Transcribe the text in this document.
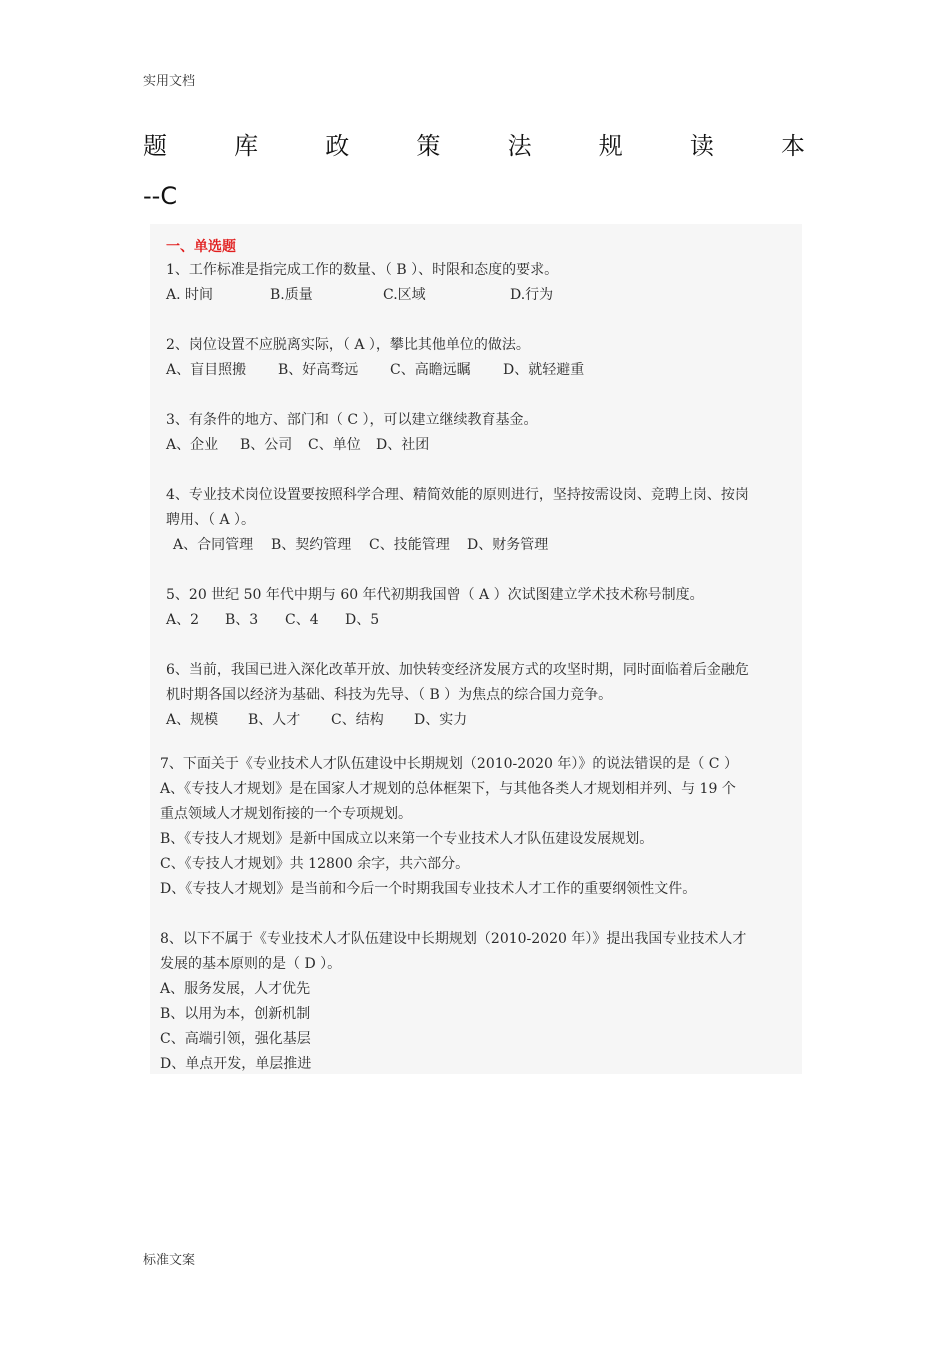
实用文档
题	库	政	策	法	规	读	本
--C
一、单选题

1、工作标准是指完成工作的数量、（ B ）、时限和态度的要求。

A. 时间	B.质量	C.区域	D.行为

2、岗位设置不应脱离实际，（ A ），攀比其他单位的做法。

A、盲目照搬	B、好高骛远	C、高瞻远瞩	D、就轻避重

3、有条件的地方、部门和（ C ），可以建立继续教育基金。

A、企业	B、公司	C、单位	D、社团

4、专业技术岗位设置要按照科学合理、精简效能的原则进行，坚持按需设岗、竞聘上岗、按岗

聘用、（ A ）。

A、合同管理	B、契约管理	C、技能管理	D、财务管理

5、20 世纪 50 年代中期与 60 年代初期我国曾（ A ）次试图建立学术技术称号制度。

A、2	B、3	C、4	D、5

6、当前，我国已进入深化改革开放、加快转变经济发展方式的攻坚时期，同时面临着后金融危

机时期各国以经济为基础、科技为先导、（ B ）为焦点的综合国力竞争。

A、规模	B、人才	C、结构	D、实力

7、下面关于《专业技术人才队伍建设中长期规划（2010-2020 年）》的说法错误的是（ C ）

A、《专技人才规划》是在国家人才规划的总体框架下，与其他各类人才规划相并列、与 19 个

重点领域人才规划衔接的一个专项规划。

B、《专技人才规划》是新中国成立以来第一个专业技术人才队伍建设发展规划。

C、《专技人才规划》共 12800 余字，共六部分。

D、《专技人才规划》是当前和今后一个时期我国专业技术人才工作的重要纲领性文件。

8、以下不属于《专业技术人才队伍建设中长期规划（2010-2020 年）》提出我国专业技术人才

发展的基本原则的是（ D ）。

A、服务发展，人才优先

B、以用为本，创新机制

C、高端引领，强化基层

D、单点开发，单层推进

标准文案
